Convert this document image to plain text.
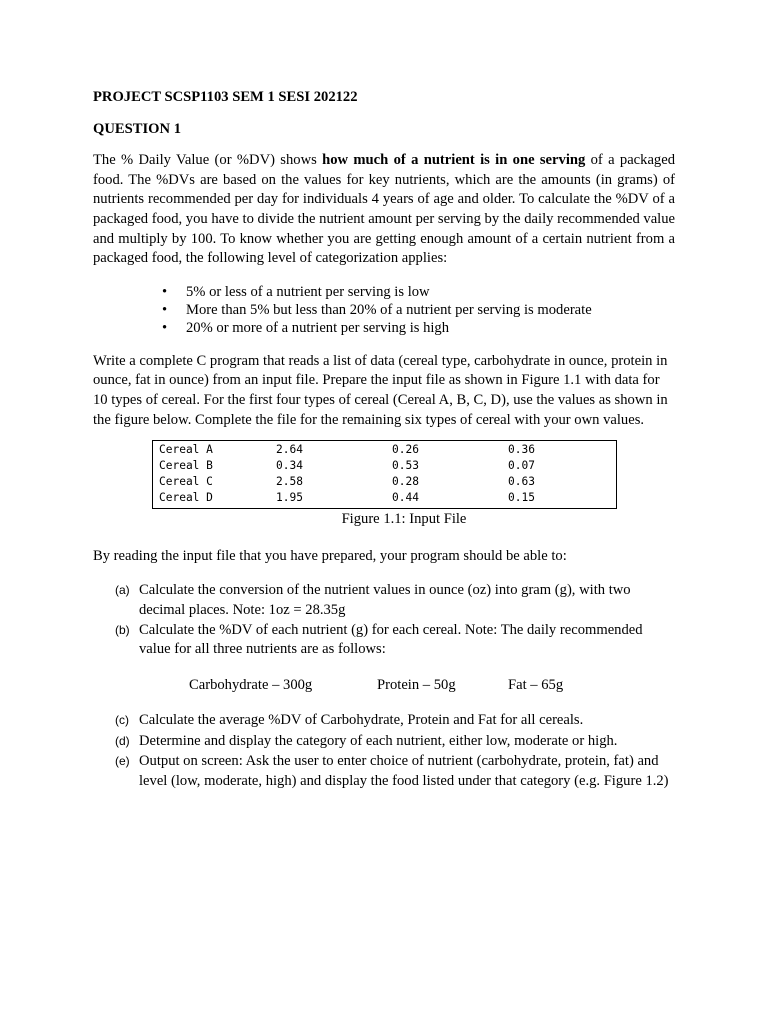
PROJECT SCSP1103 SEM 1 SESI 202122

QUESTION 1

The % Daily Value (or %DV) shows how much of a nutrient is in one serving of a packaged food. The %DVs are based on the values for key nutrients, which are the amounts (in grams) of nutrients recommended per day for individuals 4 years of age and older. To calculate the %DV of a packaged food, you have to divide the nutrient amount per serving by the daily recommended value and multiply by 100. To know whether you are getting enough amount of a certain nutrient from a packaged food, the following level of categorization applies:

• 5% or less of a nutrient per serving is low
• More than 5% but less than 20% of a nutrient per serving is moderate
• 20% or more of a nutrient per serving is high

Write a complete C program that reads a list of data (cereal type, carbohydrate in ounce, protein in ounce, fat in ounce) from an input file. Prepare the input file as shown in Figure 1.1 with data for 10 types of cereal. For the first four types of cereal (Cereal A, B, C, D), use the values as shown in the figure below. Complete the file for the remaining six types of cereal with your own values.

Cereal A	2.64	0.26	0.36
Cereal B	0.34	0.53	0.07
Cereal C	2.58	0.28	0.63
Cereal D	1.95	0.44	0.15
Figure 1.1: Input File

By reading the input file that you have prepared, your program should be able to:

(a) Calculate the conversion of the nutrient values in ounce (oz) into gram (g), with two decimal places. Note: 1oz = 28.35g
(b) Calculate the %DV of each nutrient (g) for each cereal. Note: The daily recommended value for all three nutrients are as follows:
Carbohydrate – 300g	Protein – 50g	Fat – 65g
(c) Calculate the average %DV of Carbohydrate, Protein and Fat for all cereals.
(d) Determine and display the category of each nutrient, either low, moderate or high.
(e) Output on screen: Ask the user to enter choice of nutrient (carbohydrate, protein, fat) and level (low, moderate, high) and display the food listed under that category (e.g. Figure 1.2)
